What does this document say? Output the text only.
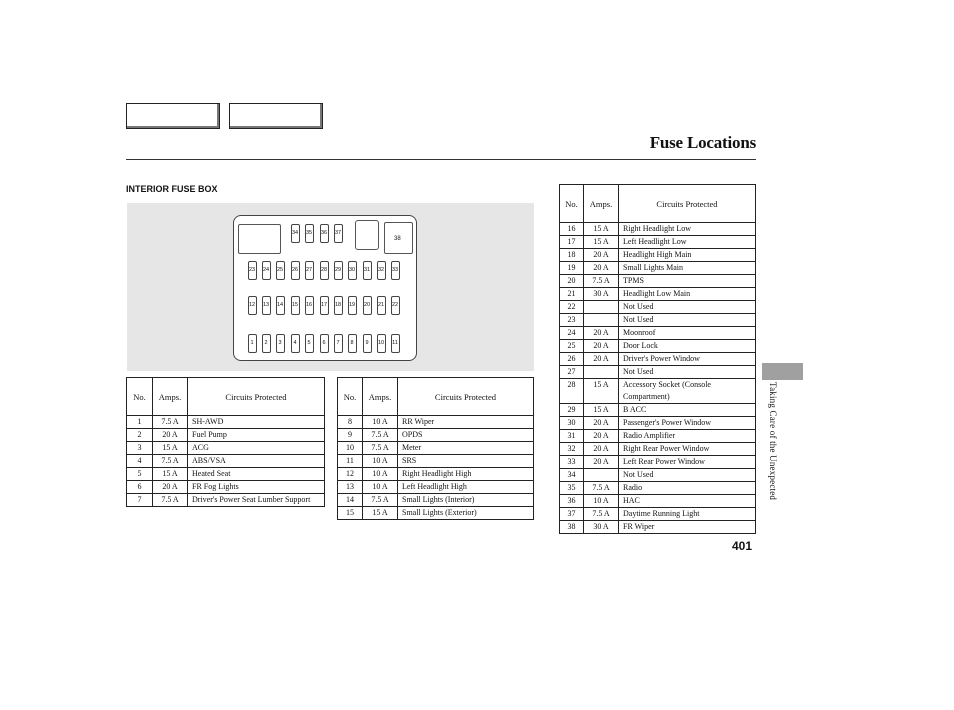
Fuse Locations
INTERIOR FUSE BOX
38
1	2	3	4	5	6	7	8	9	10	11
12	13	14	15	16	17	18	19	20	21	22
23	24	25	26	27	28	29	30	31	32	33
34	35	36	37
No.	Amps.	Circuits Protected
1	7.5 A	SH-AWD
2	20 A	Fuel Pump
3	15 A	ACG
4	7.5 A	ABS/VSA
5	15 A	Heated Seat
6	20 A	FR Fog Lights
7	7.5 A	Driver's Power Seat Lumber Support
No.	Amps.	Circuits Protected
8	10 A	RR Wiper
9	7.5 A	OPDS
10	7.5 A	Meter
11	10 A	SRS
12	10 A	Right Headlight High
13	10 A	Left Headlight High
14	7.5 A	Small Lights (Interior)
15	15 A	Small Lights (Exterior)
No.	Amps.	Circuits Protected
16	15 A	Right Headlight Low
17	15 A	Left Headlight Low
18	20 A	Headlight High Main
19	20 A	Small Lights Main
20	7.5 A	TPMS
21	30 A	Headlight Low Main
22		Not Used
23		Not Used
24	20 A	Moonroof
25	20 A	Door Lock
26	20 A	Driver's Power Window
27		Not Used
28	15 A	Accessory Socket (Console Compartment)
29	15 A	B ACC
30	20 A	Passenger's Power Window
31	20 A	Radio Amplifier
32	20 A	Right Rear Power Window
33	20 A	Left Rear Power Window
34		Not Used
35	7.5 A	Radio
36	10 A	HAC
37	7.5 A	Daytime Running Light
38	30 A	FR Wiper
Taking Care of the Unexpected
401
